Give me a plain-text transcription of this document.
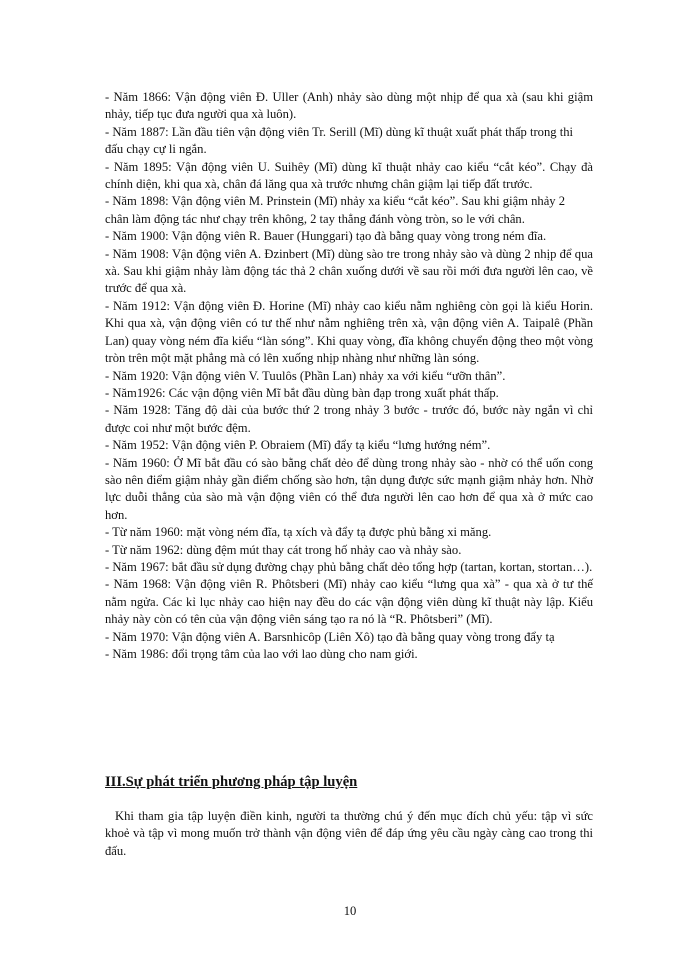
- Năm 1866: Vận động viên Đ. Uller (Anh) nhảy sào dùng một nhịp để qua xà (sau khi giậm nhảy, tiếp tục đưa người qua xà luôn).

- Năm 1887: Lần đầu tiên vận động viên Tr. Serill (Mĩ) dùng kĩ thuật xuất phát thấp trong thi

đấu chạy cự li ngắn.

- Năm 1895: Vận động viên U. Suihêy (Mĩ) dùng kĩ thuật nhảy cao kiểu “cắt kéo”. Chạy đà chính diện, khi qua xà, chân đá lăng qua xà trước nhưng chân giậm lại tiếp đất trước.

- Năm 1898: Vận động viên M. Prinstein (Mĩ) nhảy xa kiểu “cắt kéo”. Sau khi giậm nhảy 2

chân làm động tác như chạy trên không, 2 tay thẳng đánh vòng tròn, so le với chân.

- Năm 1900: Vận động viên R. Bauer (Hunggari) tạo đà bằng quay vòng trong ném đĩa.

- Năm 1908: Vận động viên A. Đzinbert (Mĩ) dùng sào tre trong nhảy sào và dùng 2 nhịp để qua xà. Sau khi giậm nhảy làm động tác thả 2 chân xuống dưới về sau rồi mới đưa người lên cao, về trước để qua xà.

- Năm 1912: Vận động viên Đ. Horine (Mĩ) nhảy cao kiểu nằm nghiêng còn gọi là kiểu Horin. Khi qua xà, vận động viên có tư thế như nằm nghiêng trên xà, vận động viên A. Taipalê (Phần Lan) quay vòng ném đĩa kiểu “làn sóng”. Khi quay vòng, đĩa không chuyển động theo một vòng tròn trên một mặt phẳng mà có lên xuống nhịp nhàng như những làn sóng.

- Năm 1920: Vận động viên V. Tuulôs (Phần Lan) nhảy xa với kiểu “ưỡn thân”.

- Năm1926: Các vận động viên Mĩ bắt đầu dùng bàn đạp trong xuất phát thấp.

- Năm 1928: Tăng độ dài của bước thứ 2 trong nhảy 3 bước - trước đó, bước này ngắn vì chỉ được coi như một bước đệm.

- Năm 1952: Vận động viên P. Obraiem (Mĩ) đẩy tạ kiểu “lưng hướng ném”.

- Năm 1960: Ở Mĩ bắt đầu có sào bằng chất dẻo để dùng trong nhảy sào - nhờ có thể uốn cong sào nên điểm giậm nhảy gần điểm chống sào hơn, tận dụng được sức mạnh giậm nhảy hơn. Nhờ lực duỗi thẳng của sào mà vận động viên có thể đưa người lên cao hơn để qua xà ở mức cao hơn.

- Từ năm 1960: mặt vòng ném đĩa, tạ xích và đẩy tạ được phủ bằng xi măng.

- Từ năm 1962: dùng đệm mút thay cát trong hố nhảy cao và nhảy sào.

- Năm 1967: bắt đầu sử dụng đường chạy phủ bằng chất dẻo tổng hợp (tartan, kortan, stortan…).

- Năm 1968: Vận động viên R. Phôtsberi (Mĩ) nhảy cao kiểu “lưng qua xà” - qua xà ở tư thế nằm ngửa. Các kỉ lục nhảy cao hiện nay đều do các vận động viên dùng kĩ thuật này lập. Kiểu nhảy này còn có tên của vận động viên sáng tạo ra nó là “R. Phôtsberi” (Mĩ).

- Năm 1970: Vận động viên A. Barsnhicôp (Liên Xô) tạo đà bằng quay vòng trong đẩy tạ

- Năm 1986: đổi trọng tâm của lao với lao dùng cho nam giới.

III.Sự phát triển phương pháp tập luyện

Khi tham gia tập luyện điền kinh, người ta thường chú ý đến mục đích chủ yếu: tập vì sức khoẻ và tập vì mong muốn trở thành vận động viên để đáp ứng yêu cầu ngày càng cao trong thi đấu.

10
